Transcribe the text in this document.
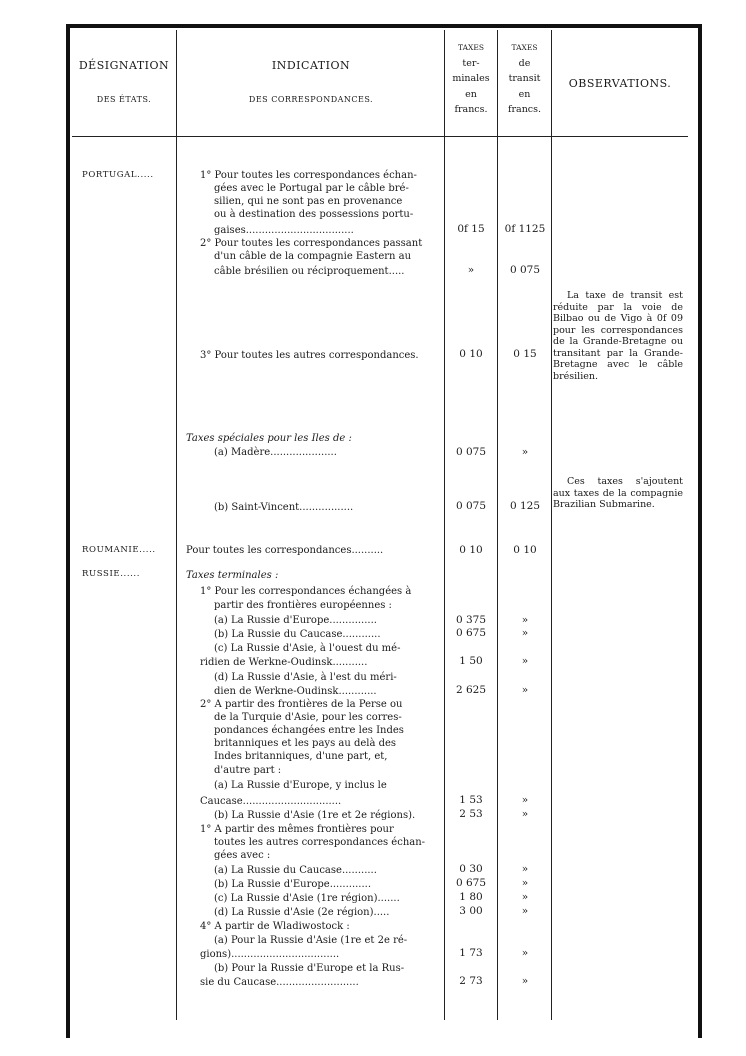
DÉSIGNATION
DES ÉTATS.
INDICATION
DES CORRESPONDANCES.
TAXES
ter-
minales
en
francs.
TAXES
de
transit
en
francs.
OBSERVATIONS.
PORTUGAL.....
ROUMANIE.....
RUSSIE......
1° Pour toutes les correspondances échan-
gées avec le Portugal par le câble bré-
silien, qui ne sont pas en provenance
ou à destination des possessions portu-
gaises..................................
2° Pour toutes les correspondances passant
d'un câble de la compagnie Eastern au
câble brésilien ou réciproquement.....
3° Pour toutes les autres correspondances.
Taxes spéciales pour les Iles de :
(a) Madère.....................
(b) Saint-Vincent.................
Pour toutes les correspondances..........
Taxes terminales :
1° Pour les correspondances échangées à
partir des frontières européennes :
(a) La Russie d'Europe...............
(b) La Russie du Caucase............
(c) La Russie d'Asie, à l'ouest du mé-
ridien de Werkne-Oudinsk...........
(d) La Russie d'Asie, à l'est du méri-
dien de Werkne-Oudinsk............
2° A partir des frontières de la Perse ou
de la Turquie d'Asie, pour les corres-
pondances échangées entre les Indes
britanniques et les pays au delà des
Indes britanniques, d'une part, et,
d'autre part :
(a) La Russie d'Europe, y inclus le
Caucase...............................
(b) La Russie d'Asie (1re et 2e régions).
1° A partir des mêmes frontières pour
toutes les autres correspondances échan-
gées avec :
(a) La Russie du Caucase...........
(b) La Russie d'Europe.............
(c) La Russie d'Asie (1re région).......
(d) La Russie d'Asie (2e région).....
4° A partir de Wladiwostock :
(a) Pour la Russie d'Asie (1re et 2e ré-
gions)..................................
(b) Pour la Russie d'Europe et la Rus-
sie du Caucase..........................
0f 15
»
0 10
0 075
0 075
0 10
0 375
0 675
1 50
2 625
1 53
2 53
0 30
0 675
1 80
3 00
1 73
2 73
0f 1125
0 075
0 15
»
0 125
0 10
»
»
»
»
»
»
»
»
»
»
»
»
La taxe de transit est réduite par la voie de Bilbao ou de Vigo à 0f 09 pour les correspondances de la Grande-Bretagne ou transitant par la Grande-Bretagne avec le câble brésilien.
Ces taxes s'ajoutent aux taxes de la compagnie Brazilian Submarine.
